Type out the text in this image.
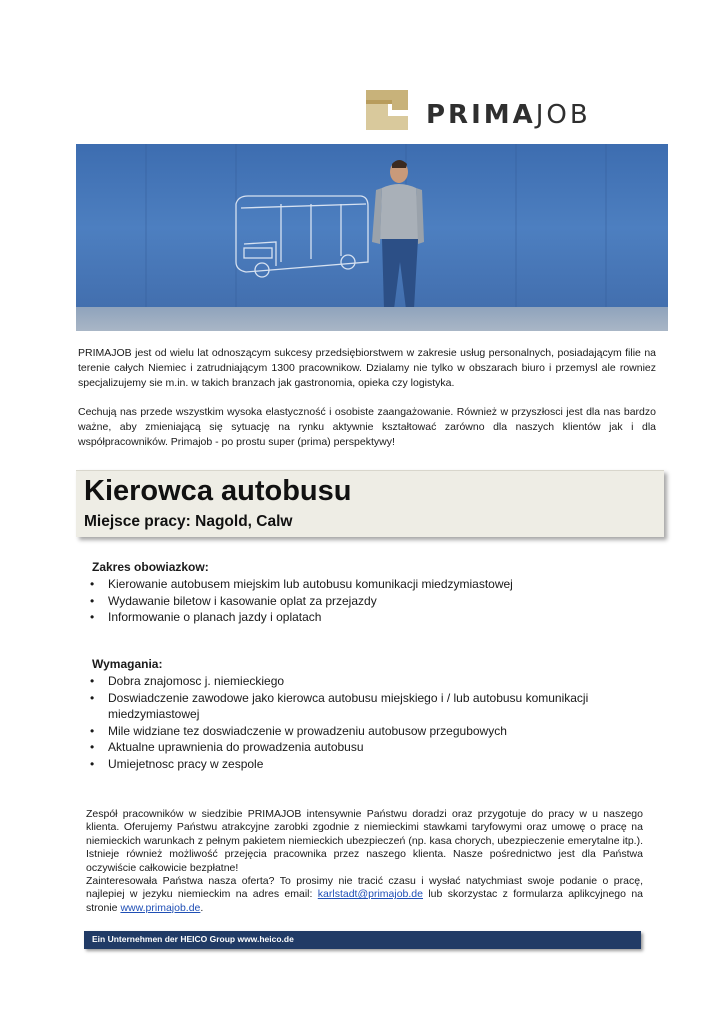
PRIMAJOB

PRIMAJOB jest od wielu lat odnoszącym sukcesy przedsiębiorstwem w zakresie usług personalnych, posiadającym filie na terenie całych Niemiec i zatrudniającym 1300 pracownikow. Dzialamy nie tylko w obszarach biuro i przemysl ale rowniez specjalizujemy sie m.in. w takich branzach jak gastronomia, opieka czy logistyka.

Cechują nas przede wszystkim wysoka elastyczność i osobiste zaangażowanie. Również w przyszłosci jest dla nas bardzo ważne, aby zmieniającą się sytuację na rynku aktywnie kształtować zarówno dla naszych klientów jak i dla współpracowników. Primajob - po prostu super (prima) perspektywy!

Kierowca autobusu
Miejsce pracy: Nagold, Calw
Zakres obowiazkow:
• Kierowanie autobusem miejskim lub autobusu komunikacji miedzymiastowej
• Wydawanie biletow i kasowanie oplat za przejazdy
• Informowanie o planach jazdy i oplatach
Wymagania:
• Dobra znajomosc j. niemieckiego
• Doswiadczenie zawodowe jako kierowca autobusu miejskiego i / lub autobusu komunikacji miedzymiastowej
• Mile widziane tez doswiadczenie w prowadzeniu autobusow przegubowych
• Aktualne uprawnienia do prowadzenia autobusu
• Umiejetnosc pracy w zespole

Zespół pracowników w siedzibie PRIMAJOB intensywnie Państwu doradzi oraz przygotuje do pracy w u naszego klienta. Oferujemy Państwu atrakcyjne zarobki zgodnie z niemieckimi stawkami taryfowymi oraz umowę o pracę na niemieckich warunkach z pełnym pakietem niemieckich ubezpieczeń (np. kasa chorych, ubezpieczenie emerytalne itp.). Istnieje również możliwość przejęcia pracownika przez naszego klienta. Nasze pośrednictwo jest dla Państwa oczywiście całkowicie bezpłatne!
Zainteresowała Państwa nasza oferta? To prosimy nie tracić czasu i wysłać natychmiast swoje podanie o pracę, najlepiej w jezyku niemieckim na adres email: karlstadt@primajob.de lub skorzystac z formularza aplikcyjnego na stronie www.primajob.de.

Ein Unternehmen der HEICO Group www.heico.de
